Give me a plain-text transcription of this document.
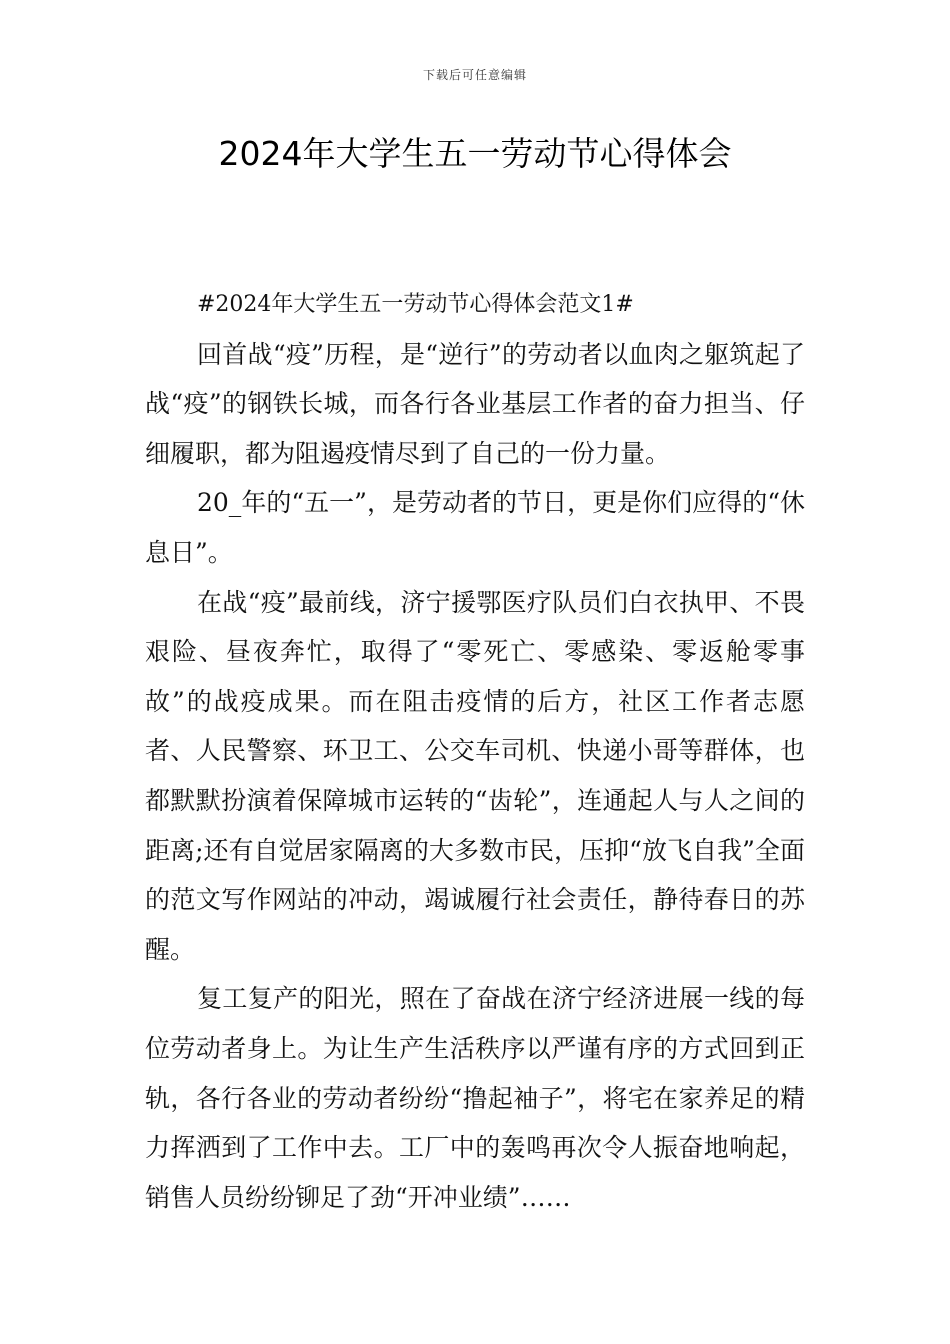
下载后可任意编辑
2024年大学生五一劳动节心得体会

#2024年大学生五一劳动节心得体会范文1#

回首战“疫”历程，是“逆行”的劳动者以血肉之躯筑起了战“疫”的钢铁长城，而各行各业基层工作者的奋力担当、仔细履职，都为阻遏疫情尽到了自己的一份力量。

20_年的“五一”，是劳动者的节日，更是你们应得的“休息日”。

在战“疫”最前线，济宁援鄂医疗队员们白衣执甲、不畏艰险、昼夜奔忙，取得了“零死亡、零感染、零返舱零事故”的战疫成果。而在阻击疫情的后方，社区工作者志愿者、人民警察、环卫工、公交车司机、快递小哥等群体，也都默默扮演着保障城市运转的“齿轮”，连通起人与人之间的距离;还有自觉居家隔离的大多数市民，压抑“放飞自我”全面的范文写作网站的冲动，竭诚履行社会责任，静待春日的苏醒。

复工复产的阳光，照在了奋战在济宁经济进展一线的每位劳动者身上。为让生产生活秩序以严谨有序的方式回到正轨，各行各业的劳动者纷纷“撸起袖子”，将宅在家养足的精力挥洒到了工作中去。工厂中的轰鸣再次令人振奋地响起，销售人员纷纷铆足了劲“开冲业绩”……
